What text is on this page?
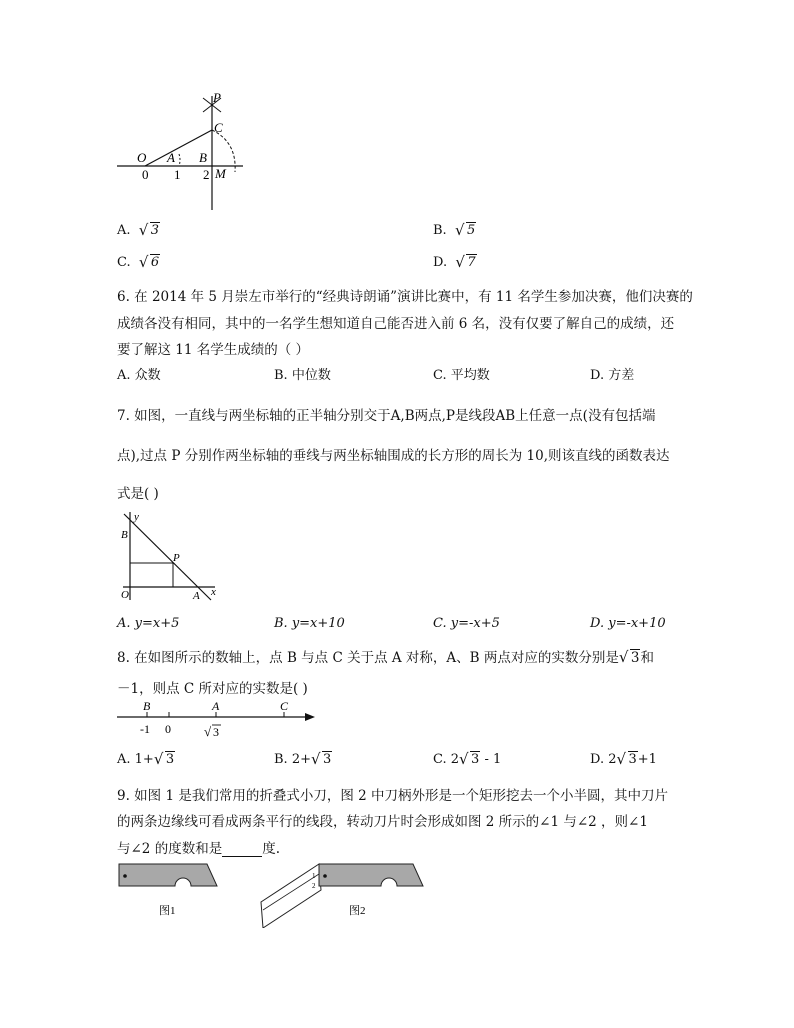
P
C
O A B
M
0 1 2
A. √ 3	B. √ 5
C. √ 6	D. √ 7
6. 在 2014 年 5 月崇左市举行的“经典诗朗诵”演讲比赛中，有 11 名学生参加决赛，他们决赛的
成绩各没有相同，其中的一名学生想知道自己能否进入前 6 名，没有仅要了解自己的成绩，还
要了解这 11 名学生成绩的（ ）
A. 众数	B. 中位数	C. 平均数	D. 方差
7. 如图，一直线与两坐标轴的正半轴分别交于A,B两点,P是线段AB上任意一点(没有包括端
点),过点 P 分别作两坐标轴的垂线与两坐标轴围成的长方形的周长为 10,则该直线的函数表达
式是( )
y
x
B
P
O	A
A. y=x+5	B. y=x+10	C. y=-x+5	D. y=-x+10
8. 在如图所示的数轴上，点 B 与点 C 关于点 A 对称，A、B 两点对应的实数分别是 √ 3和
－1，则点 C 所对应的实数是( )
B	A	C
-1 0	√ 3
A. 1+ √ 3	B. 2+ √ 3	C. 2 √ 3 - 1	D. 2 √ 3+1
9. 如图 1 是我们常用的折叠式小刀，图 2 中刀柄外形是一个矩形挖去一个小半圆，其中刀片
的两条边缘线可看成两条平行的线段，转动刀片时会形成如图 2 所示的∠1 与∠2 ，则∠1
与∠2 的度数和是	度.
图1
1
2
图2
